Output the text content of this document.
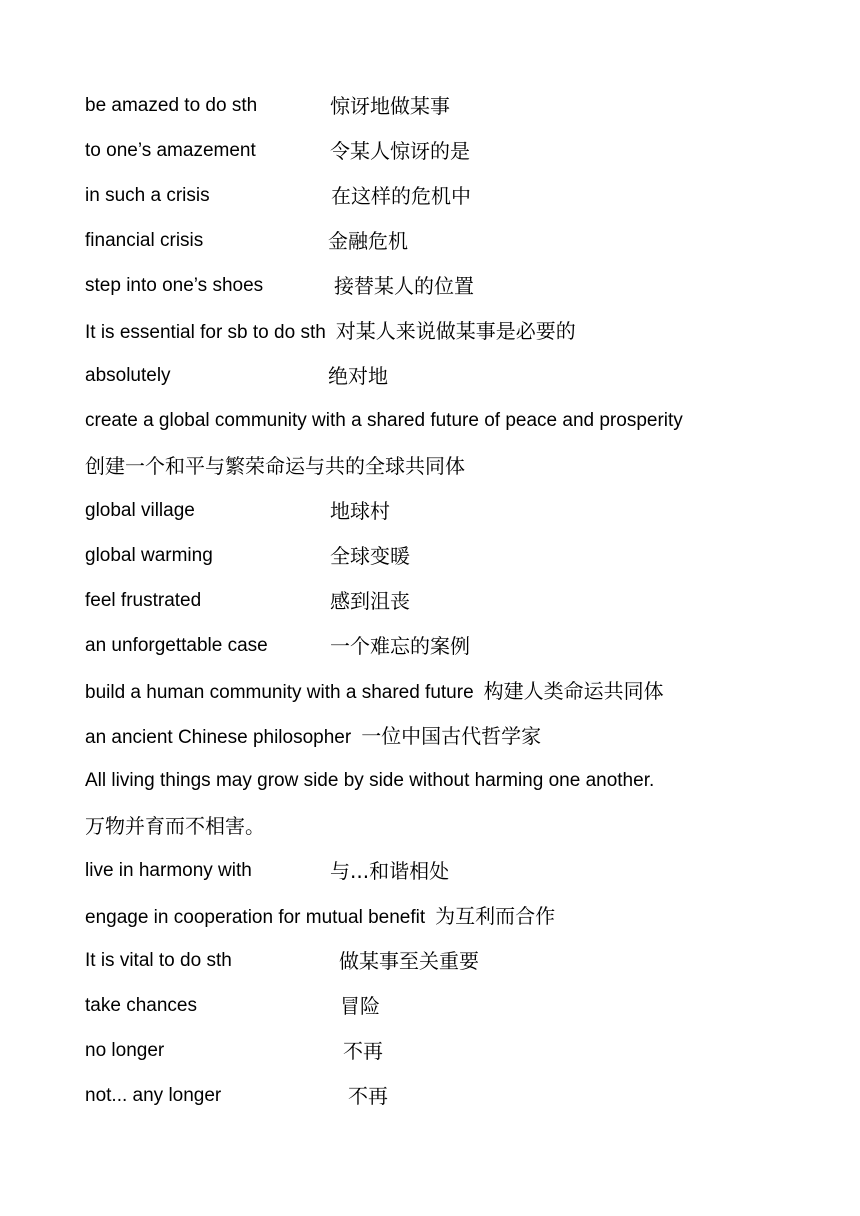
be amazed to do sth	惊讶地做某事
to one’s amazement	令某人惊讶的是
in such a crisis	在这样的危机中
financial crisis	金融危机
step into one’s shoes	接替某人的位置
It is essential for sb to do sth 对某人来说做某事是必要的
absolutely	绝对地
create a global community with a shared future of peace and prosperity
创建一个和平与繁荣命运与共的全球共同体
global village	地球村
global warming	全球变暖
feel frustrated	感到沮丧
an unforgettable case	一个难忘的案例
build a human community with a shared future 构建人类命运共同体
an ancient Chinese philosopher 一位中国古代哲学家
All living things may grow side by side without harming one another.
万物并育而不相害。
live in harmony with	与...和谐相处
engage in cooperation for mutual benefit 为互利而合作
It is vital to do sth	做某事至关重要
take chances	冒险
no longer	不再
not... any longer	不再
